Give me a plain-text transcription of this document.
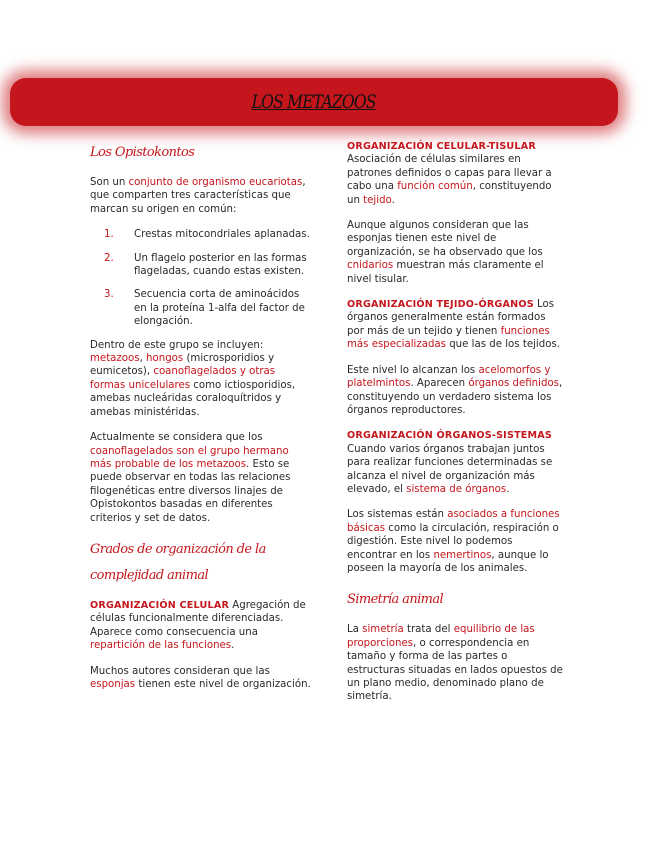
LOS METAZOOS
Los Opistokontos

Son un conjunto de organismo eucariotas, que comparten tres características que marcan su origen en común:

1.	Crestas mitocondriales aplanadas.
2.	Un flagelo posterior en las formas flageladas, cuando estas existen.
3.	Secuencia corta de aminoácidos en la proteína 1-alfa del factor de elongación.

Dentro de este grupo se incluyen: metazoos, hongos (microsporidios y eumicetos), coanoflagelados y otras formas unicelulares como ictiosporidios, amebas nucleáridas coraloquítridos y amebas ministéridas.

Actualmente se considera que los coanoflagelados son el grupo hermano más probable de los metazoos. Esto se puede observar en todas las relaciones filogenéticas entre diversos linajes de Opistokontos basadas en diferentes criterios y set de datos.

Grados de organización de la complejidad animal

ORGANIZACIÓN CELULAR Agregación de células funcionalmente diferenciadas. Aparece como consecuencia una repartición de las funciones.

Muchos autores consideran que las esponjas tienen este nivel de organización.

ORGANIZACIÓN CELULAR-TISULAR
Asociación de células similares en patrones definidos o capas para llevar a cabo una función común, constituyendo un tejido.

Aunque algunos consideran que las esponjas tienen este nivel de organización, se ha observado que los cnidarios muestran más claramente el nivel tisular.

ORGANIZACIÓN TEJIDO-ÓRGANOS Los órganos generalmente están formados por más de un tejido y tienen funciones más especializadas que las de los tejidos.

Este nivel lo alcanzan los acelomorfos y platelmintos. Aparecen órganos definidos, constituyendo un verdadero sistema los órganos reproductores.

ORGANIZACIÓN ÓRGANOS-SISTEMAS
Cuando varios órganos trabajan juntos para realizar funciones determinadas se alcanza el nivel de organización más elevado, el sistema de órganos.

Los sistemas están asociados a funciones básicas como la circulación, respiración o digestión. Este nivel lo podemos encontrar en los nemertinos, aunque lo poseen la mayoría de los animales.

Simetría animal

La simetría trata del equilibrio de las proporciones, o correspondencia en tamaño y forma de las partes o estructuras situadas en lados opuestos de un plano medio, denominado plano de simetría.
